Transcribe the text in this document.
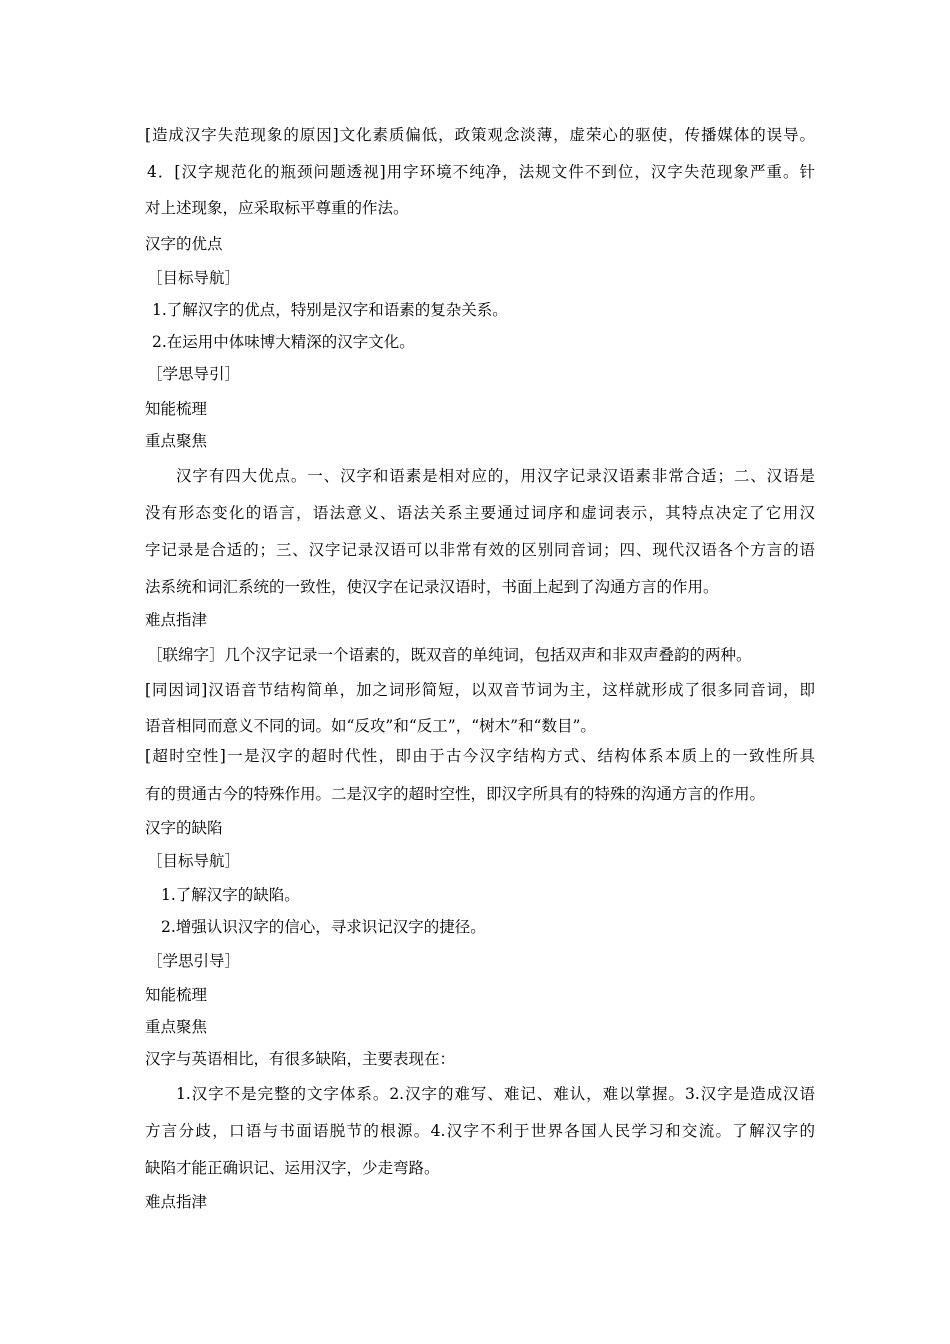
[造成汉字失范现象的原因]文化素质偏低，政策观念淡薄，虚荣心的驱使，传播媒体的误导。
4．[汉字规范化的瓶颈问题透视]用字环境不纯净，法规文件不到位，汉字失范现象严重。针
对上述现象，应采取标平尊重的作法。
汉字的优点
［目标导航］
1.了解汉字的优点，特别是汉字和语素的复杂关系。
2.在运用中体味博大精深的汉字文化。
［学思导引］
知能梳理
重点聚焦
汉字有四大优点。一、汉字和语素是相对应的，用汉字记录汉语素非常合适；二、汉语是
没有形态变化的语言，语法意义、语法关系主要通过词序和虚词表示，其特点决定了它用汉
字记录是合适的；三、汉字记录汉语可以非常有效的区别同音词；四、现代汉语各个方言的语
法系统和词汇系统的一致性，使汉字在记录汉语时，书面上起到了沟通方言的作用。
难点指津
［联绵字］几个汉字记录一个语素的，既双音的单纯词，包括双声和非双声叠韵的两种。
[同因词]汉语音节结构简单，加之词形简短，以双音节词为主，这样就形成了很多同音词，即
语音相同而意义不同的词。如“反攻”和“反工”，“树木”和“数目”。
[超时空性]一是汉字的超时代性，即由于古今汉字结构方式、结构体系本质上的一致性所具
有的贯通古今的特殊作用。二是汉字的超时空性，即汉字所具有的特殊的沟通方言的作用。
汉字的缺陷
［目标导航］
1.了解汉字的缺陷。
2.增强认识汉字的信心，寻求识记汉字的捷径。
［学思引导］
知能梳理
重点聚焦
汉字与英语相比，有很多缺陷，主要表现在：
1.汉字不是完整的文字体系。2.汉字的难写、难记、难认，难以掌握。3.汉字是造成汉语
方言分歧，口语与书面语脱节的根源。4.汉字不利于世界各国人民学习和交流。了解汉字的
缺陷才能正确识记、运用汉字，少走弯路。
难点指津
